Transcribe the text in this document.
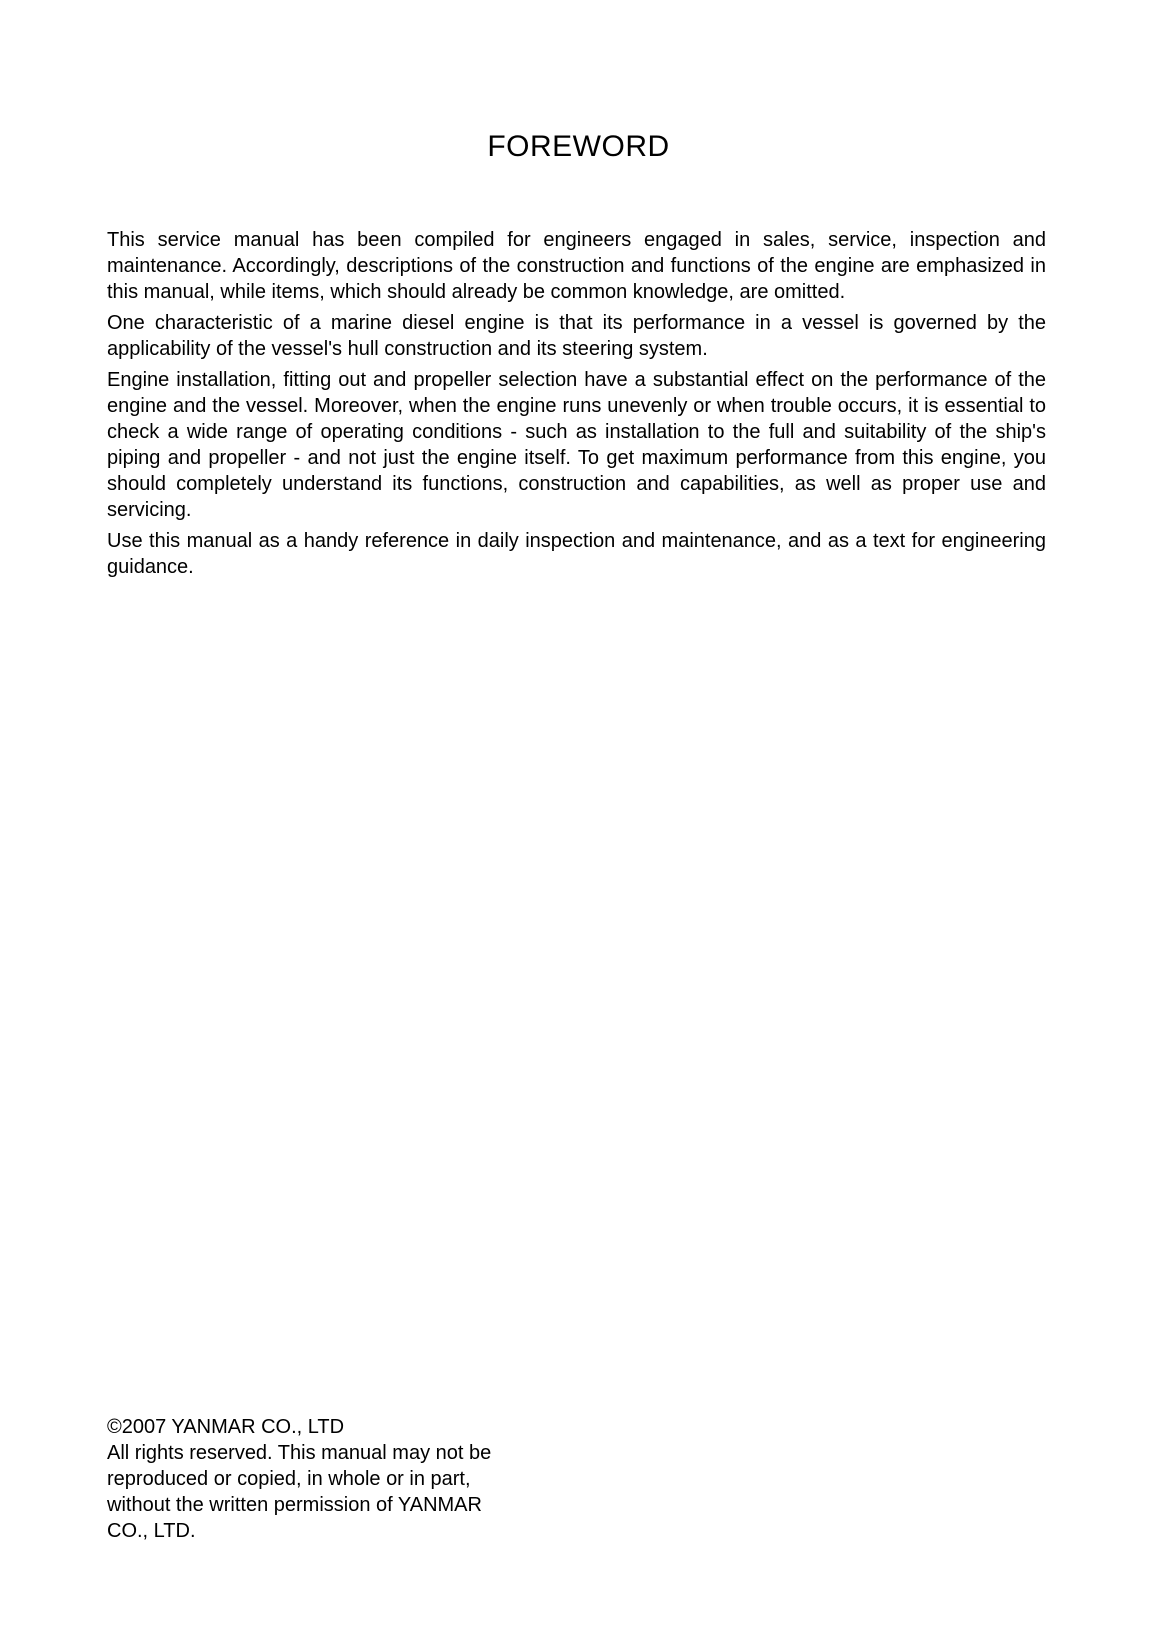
FOREWORD

This service manual has been compiled for engineers engaged in sales, service, inspection and maintenance. Accordingly, descriptions of the construction and functions of the engine are emphasized in this manual, while items, which should already be common knowledge, are omitted.

One characteristic of a marine diesel engine is that its performance in a vessel is governed by the applicability of the vessel's hull construction and its steering system.

Engine installation, fitting out and propeller selection have a substantial effect on the performance of the engine and the vessel. Moreover, when the engine runs unevenly or when trouble occurs, it is essential to check a wide range of operating conditions - such as installation to the full and suitability of the ship's piping and propeller - and not just the engine itself. To get maximum performance from this engine, you should completely understand its functions, construction and capabilities, as well as proper use and servicing.

Use this manual as a handy reference in daily inspection and maintenance, and as a text for engineering guidance.

©2007 YANMAR CO., LTD
All rights reserved. This manual may not be
reproduced or copied, in whole or in part,
without the written permission of YANMAR
CO., LTD.
